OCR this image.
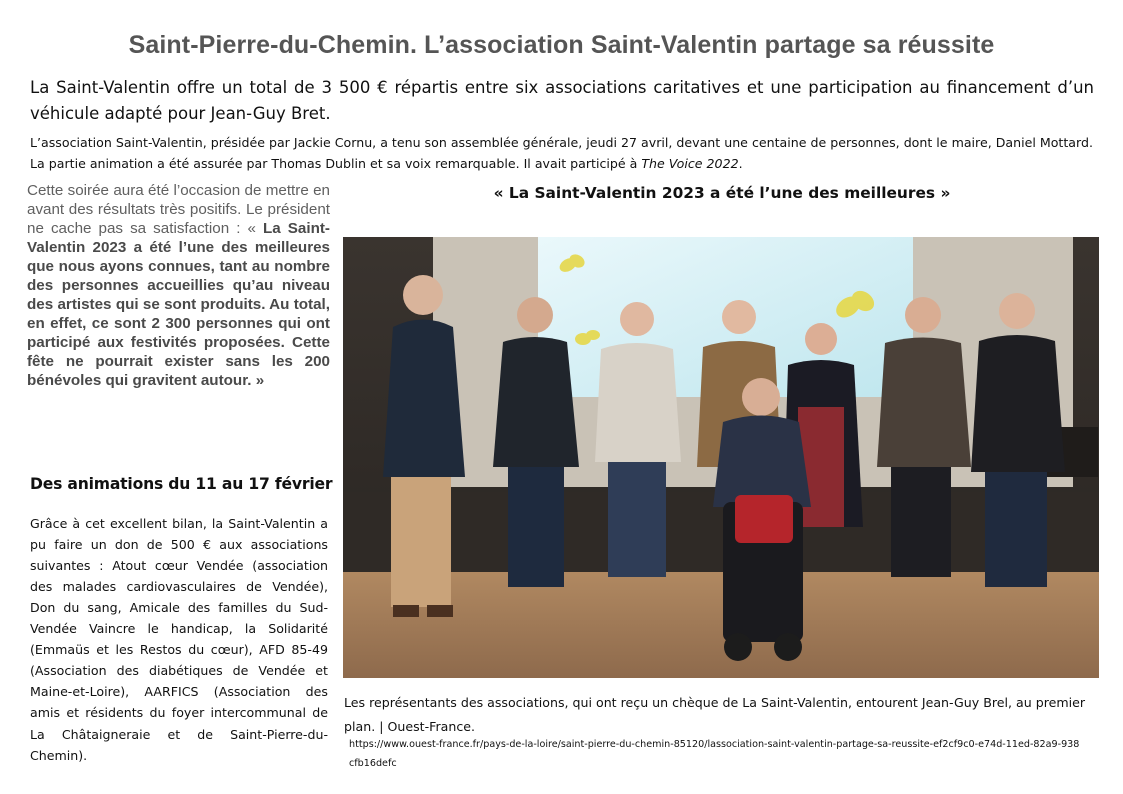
Saint-Pierre-du-Chemin. L’association Saint-Valentin partage sa réussite

La Saint-Valentin offre un total de 3 500 € répartis entre six associations caritatives et une participation au financement d’un véhicule adapté pour Jean-Guy Bret.

L’association Saint-Valentin, présidée par Jackie Cornu, a tenu son assemblée générale, jeudi 27 avril, devant une centaine de personnes, dont le maire, Daniel Mottard. La partie animation a été assurée par Thomas Dublin et sa voix remarquable. Il avait participé à The Voice 2022.

Cette soirée aura été l’occasion de mettre en avant des résultats très positifs. Le président ne cache pas sa satisfaction : « La Saint-Valentin 2023 a été l’une des meilleures que nous ayons connues, tant au nombre des personnes accueillies qu’au niveau des artistes qui se sont produits. Au total, en effet, ce sont 2 300 personnes qui ont participé aux festivités proposées. Cette fête ne pourrait exister sans les 200 bénévoles qui gravitent autour. »
Des animations du 11 au 17 février

Grâce à cet excellent bilan, la Saint-Valentin a pu faire un don de 500 € aux associations suivantes : Atout cœur Vendée (association des malades cardiovasculaires de Vendée), Don du sang, Amicale des familles du Sud-Vendée Vaincre le handicap, la Solidarité (Emmaüs et les Restos du cœur), AFD 85-49 (Association des diabétiques de Vendée et Maine-et-Loire), AARFICS (Association des amis et résidents du foyer intercommunal de La Châtaigneraie et de Saint-Pierre-du-Chemin).

« La Saint-Valentin 2023 a été l’une des meilleures »

Les représentants des associations, qui ont reçu un chèque de La Saint-Valentin, entourent Jean-Guy Brel, au premier plan. | Ouest-France.

https://www.ouest-france.fr/pays-de-la-loire/saint-pierre-du-chemin-85120/lassociation-saint-valentin-partage-sa-reussite-ef2cf9c0-e74d-11ed-82a9-938cfb16defc
